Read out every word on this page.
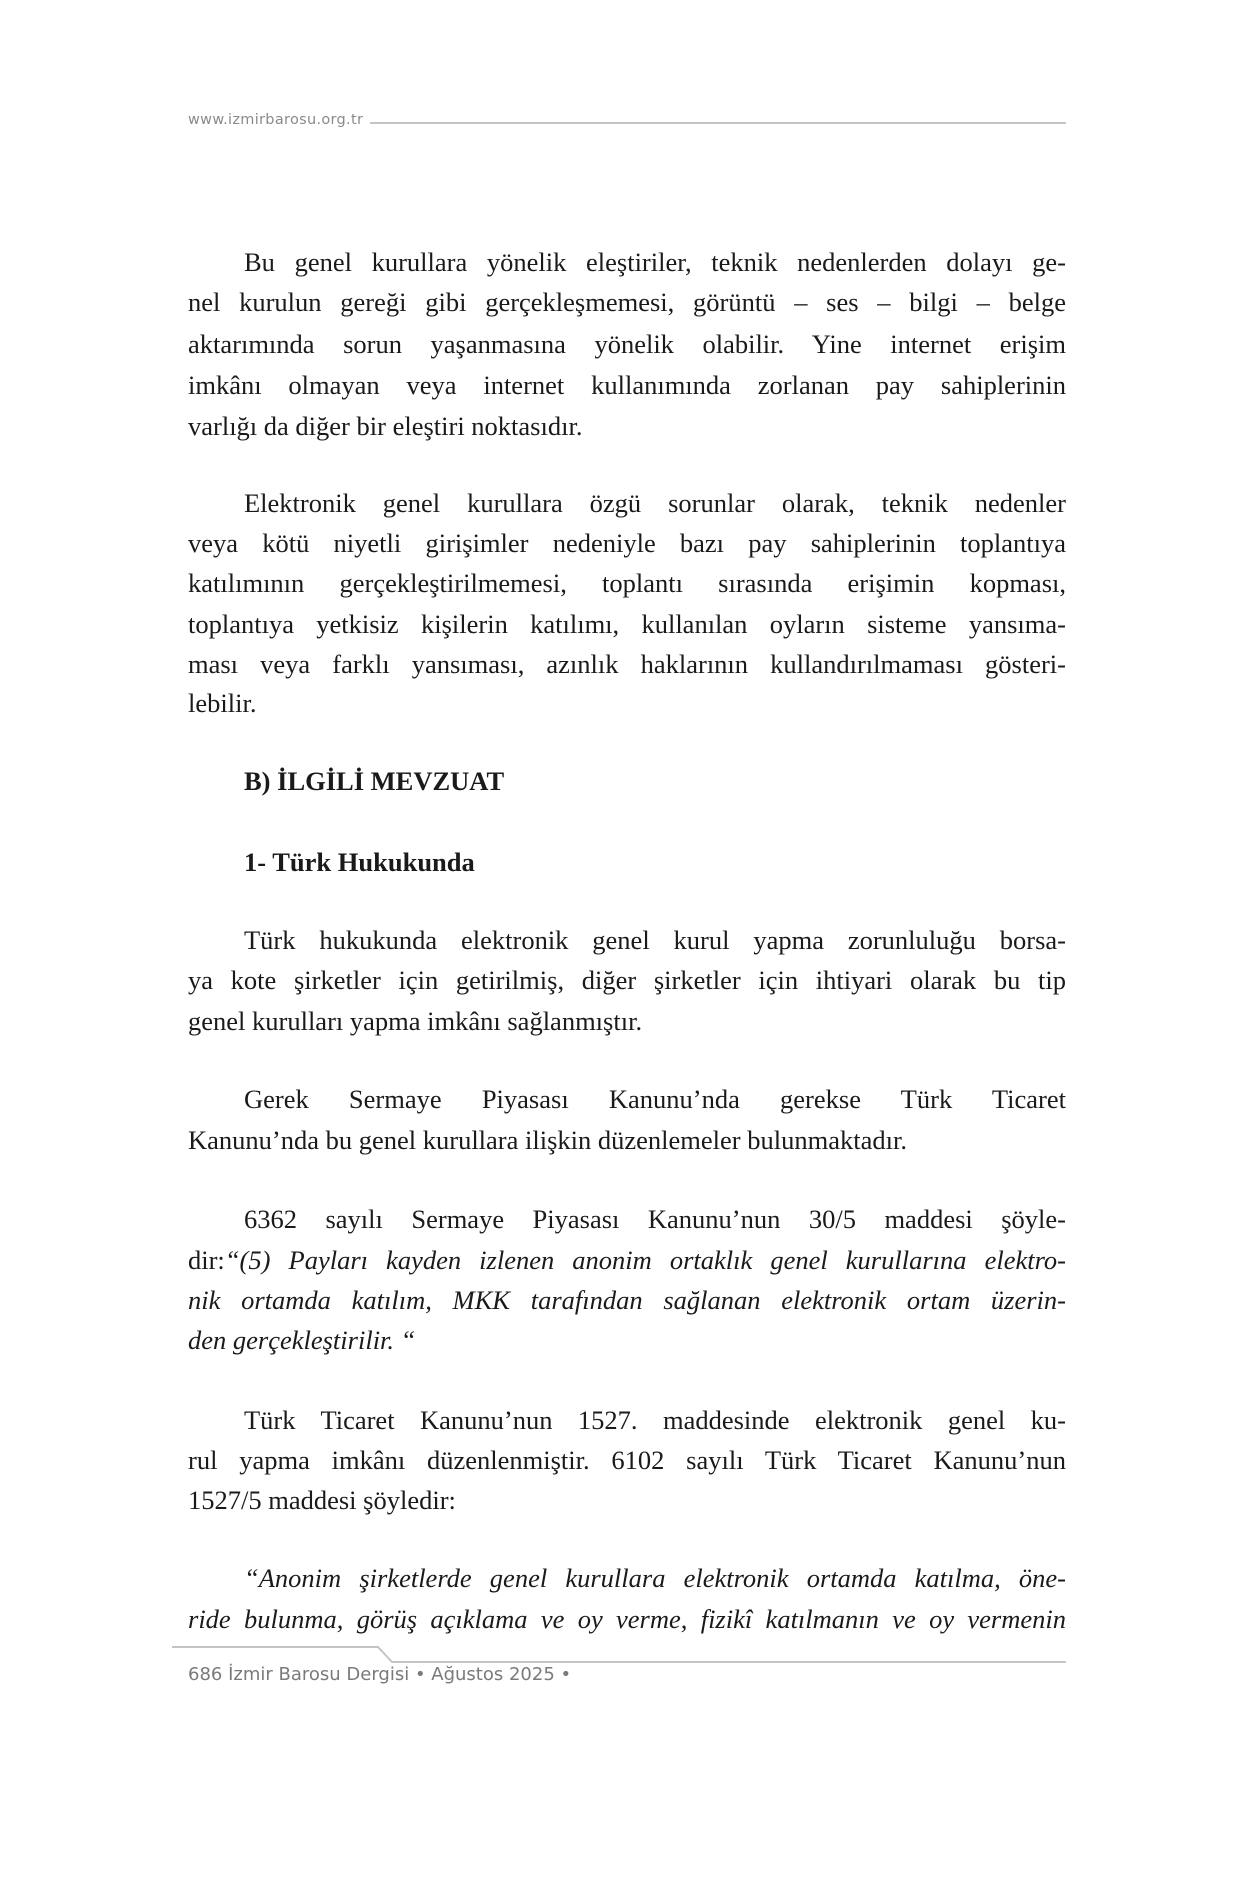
www.izmirbarosu.org.tr
Bu genel kurullara yönelik eleştiriler, teknik nedenlerden dolayı ge-
nel kurulun gereği gibi gerçekleşmemesi, görüntü – ses – bilgi – belge
aktarımında sorun yaşanmasına yönelik olabilir. Yine internet erişim
imkânı olmayan veya internet kullanımında zorlanan pay sahiplerinin
varlığı da diğer bir eleştiri noktasıdır.
Elektronik genel kurullara özgü sorunlar olarak, teknik nedenler
veya kötü niyetli girişimler nedeniyle bazı pay sahiplerinin toplantıya
katılımının gerçekleştirilmemesi, toplantı sırasında erişimin kopması,
toplantıya yetkisiz kişilerin katılımı, kullanılan oyların sisteme yansıma-
ması veya farklı yansıması, azınlık haklarının kullandırılmaması gösteri-
lebilir.
B) İLGİLİ MEVZUAT
1- Türk Hukukunda
Türk hukukunda elektronik genel kurul yapma zorunluluğu borsa-
ya kote şirketler için getirilmiş, diğer şirketler için ihtiyari olarak bu tip
genel kurulları yapma imkânı sağlanmıştır.
Gerek Sermaye Piyasası Kanunu’nda gerekse Türk Ticaret
Kanunu’nda bu genel kurullara ilişkin düzenlemeler bulunmaktadır.
6362 sayılı Sermaye Piyasası Kanunu’nun 30/5 maddesi şöyle-
dir:“(5) Payları kayden izlenen anonim ortaklık genel kurullarına elektro-
nik ortamda katılım, MKK tarafından sağlanan elektronik ortam üzerin-
den gerçekleştirilir. “
Türk Ticaret Kanunu’nun 1527. maddesinde elektronik genel ku-
rul yapma imkânı düzenlenmiştir. 6102 sayılı Türk Ticaret Kanunu’nun
1527/5 maddesi şöyledir:
“Anonim şirketlerde genel kurullara elektronik ortamda katılma, öne-
ride bulunma, görüş açıklama ve oy verme, fizikî katılmanın ve oy vermenin
686 İzmir Barosu Dergisi • Ağustos 2025 •
